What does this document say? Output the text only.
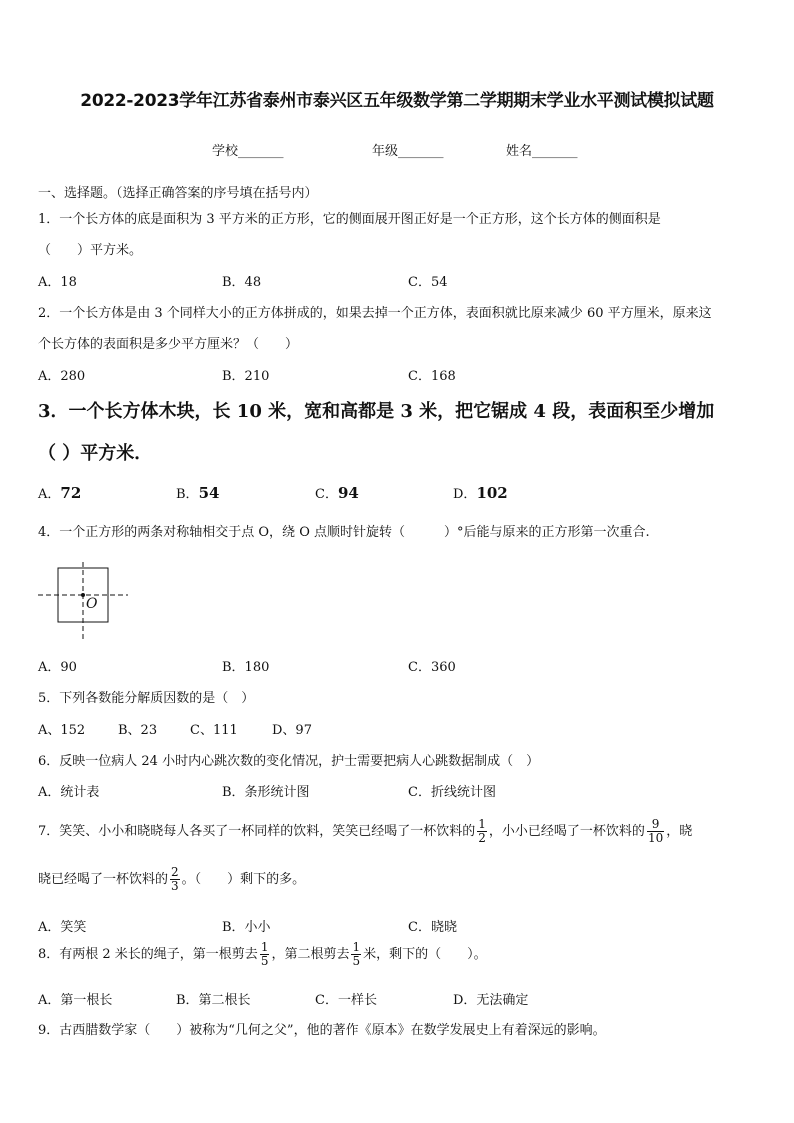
2022-2023学年江苏省泰州市泰兴区五年级数学第二学期期末学业水平测试模拟试题
学校_______	年级_______	姓名_______
一、选择题。（选择正确答案的序号填在括号内）
1．一个长方体的底是面积为 3 平方米的正方形，它的侧面展开图正好是一个正方形，这个长方体的侧面积是
（　　）平方米。
A．18	B．48	C．54
2．一个长方体是由 3 个同样大小的正方体拼成的，如果去掉一个正方体，表面积就比原来减少 60 平方厘米，原来这
个长方体的表面积是多少平方厘米？（　　）
A．280	B．210	C．168
3．一个长方体木块，长 10 米，宽和高都是 3 米，把它锯成 4 段，表面积至少增加
（ ）平方米．
A．72	B．54	C．94	D．102
4．一个正方形的两条对称轴相交于点 O，绕 O 点顺时针旋转（　　　）°后能与原来的正方形第一次重合.
O
A．90	B．180	C．360
5．下列各数能分解质因数的是（　）
A、152	B、23	C、111	D、97
6．反映一位病人 24 小时内心跳次数的变化情况，护士需要把病人心跳数据制成（　）
A．统计表	B．条形统计图	C．折线统计图
7．笑笑、小小和晓晓每人各买了一杯同样的饮料，笑笑已经喝了一杯饮料的 $\frac{1}{2}$ ，小小已经喝了一杯饮料的 $\frac{9}{10}$ ，晓
晓已经喝了一杯饮料的 $\frac{2}{3}$ 。（　　）剩下的多。
A．笑笑	B．小小	C．晓晓
8．有两根 2 米长的绳子，第一根剪去 $\frac{1}{5}$ ，第二根剪去 $\frac{1}{5}$ 米，剩下的（　　）。
A．第一根长	B．第二根长	C．一样长	D．无法确定
9．古西腊数学家（　　）被称为“几何之父”，他的著作《原本》在数学发展史上有着深远的影响。
